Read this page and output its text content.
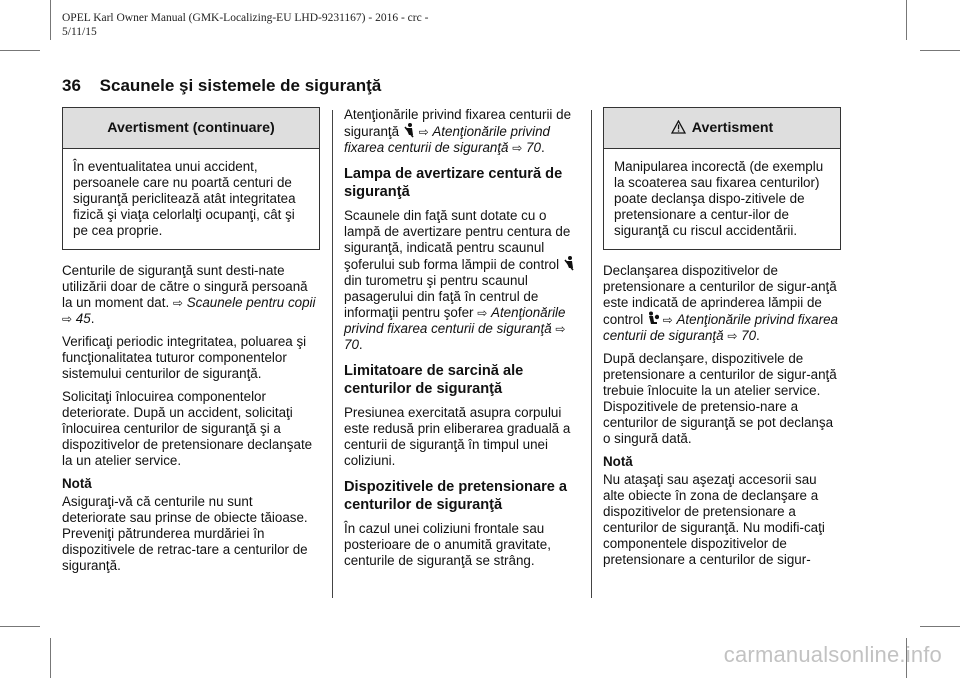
OPEL Karl Owner Manual (GMK-Localizing-EU LHD-9231167) - 2016 - crc -
5/11/15
36 Scaunele şi sistemele de siguranţă
Avertisment (continuare)
În eventualitatea unui accident, persoanele care nu poartă centuri de siguranţă periclitează atât integritatea fizică şi viaţa celorlalţi ocupanţi, cât şi pe cea proprie.

Centurile de siguranţă sunt desti-nate utilizării doar de către o singură persoană la un moment dat. ⇨ Scaunele pentru copii ⇨ 45.

Verificaţi periodic integritatea, poluarea şi funcţionalitatea tuturor componentelor sistemului centurilor de siguranţă.

Solicitaţi înlocuirea componentelor deteriorate. După un accident, solicitaţi înlocuirea centurilor de siguranţă şi a dispozitivelor de pretensionare declanşate la un atelier service.

Notă

Asiguraţi-vă că centurile nu sunt deteriorate sau prinse de obiecte tăioase. Preveniţi pătrunderea murdăriei în dispozitivele de retrac-tare a centurilor de siguranţă.

Atenţionările privind fixarea centurii de siguranţă ⇨ Atenţionările privind fixarea centurii de siguranţă ⇨ 70.

Lampa de avertizare centură de siguranţă

Scaunele din faţă sunt dotate cu o lampă de avertizare pentru centura de siguranţă, indicată pentru scaunul şoferului sub forma lămpii de control  din turometru şi pentru scaunul pasagerului din faţă în centrul de informaţii pentru şofer ⇨ Atenţionările privind fixarea centurii de siguranţă ⇨ 70.

Limitatoare de sarcină ale centurilor de siguranţă

Presiunea exercitată asupra corpului este redusă prin eliberarea graduală a centurii de siguranţă în timpul unei coliziuni.

Dispozitivele de pretensionare a centurilor de siguranţă

În cazul unei coliziuni frontale sau posterioare de o anumită gravitate, centurile de siguranţă se strâng.

Avertisment
Manipularea incorectă (de exemplu la scoaterea sau fixarea centurilor) poate declanşa dispo-zitivele de pretensionare a centur-ilor de siguranţă cu riscul accidentării.

Declanşarea dispozitivelor de pretensionare a centurilor de sigur-anţă este indicată de aprinderea lămpii de control ⇨ Atenţionările privind fixarea centurii de siguranţă ⇨ 70.

După declanşare, dispozitivele de pretensionare a centurilor de sigur-anţă trebuie înlocuite la un atelier service. Dispozitivele de pretensio-nare a centurilor de siguranţă se pot declanşa o singură dată.

Notă

Nu ataşaţi sau aşezaţi accesorii sau alte obiecte în zona de declanşare a dispozitivelor de pretensionare a centurilor de siguranţă. Nu modifi-caţi componentele dispozitivelor de pretensionare a centurilor de sigur-

carmanualsonline.info
